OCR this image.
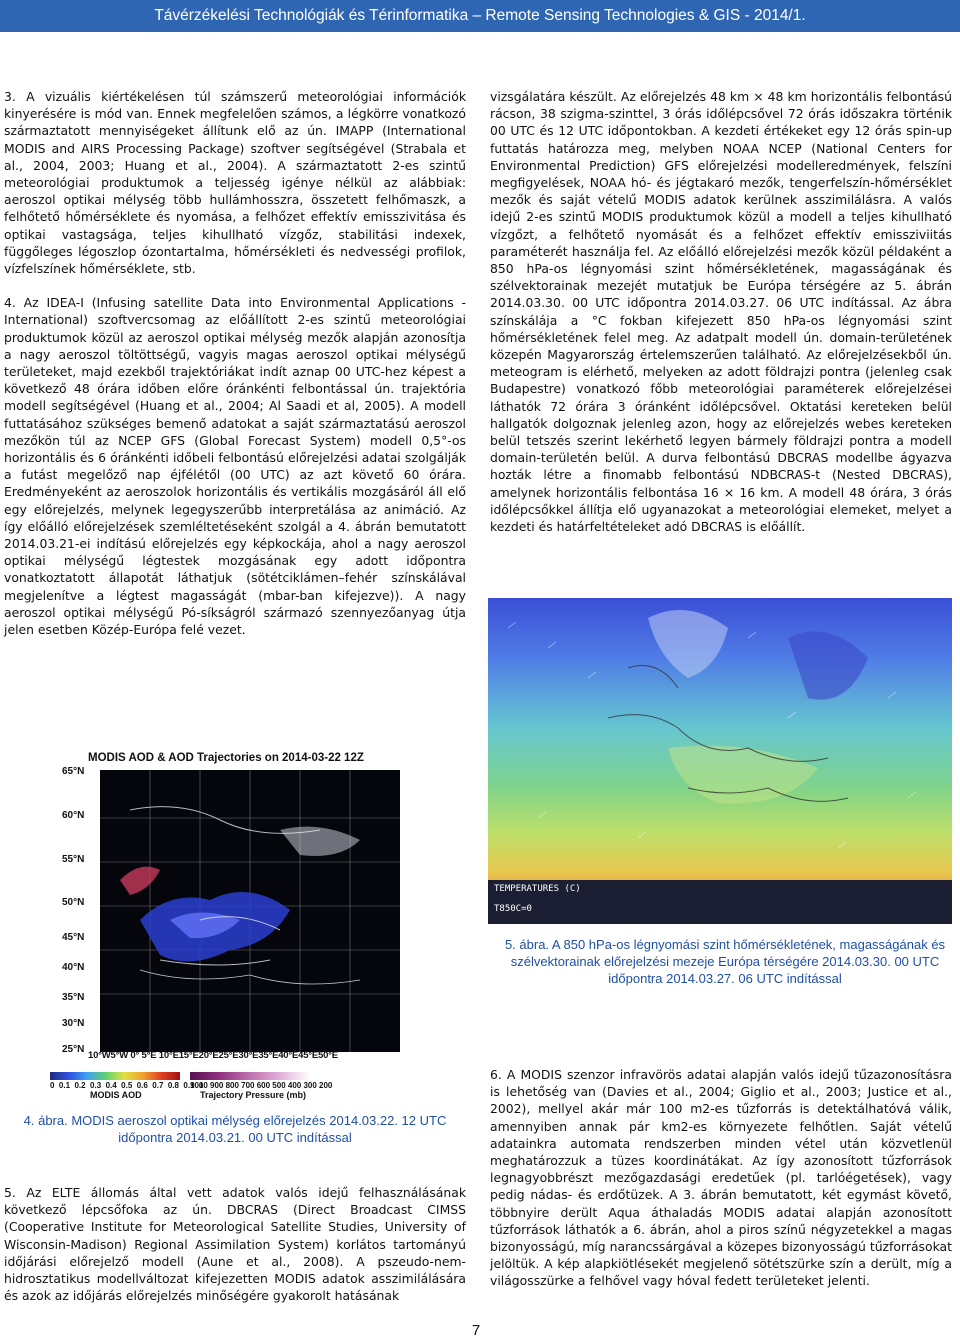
Távérzékelési Technológiák és Térinformatika – Remote Sensing Technologies & GIS - 2014/1.

3. A vizuális kiértékelésen túl számszerű meteorológiai információk kinyerésére is mód van. Ennek megfelelően számos, a légkörre vonatkozó származtatott mennyiségeket állítunk elő az ún. IMAPP (International MODIS and AIRS Processing Package) szoftver segítségével (Strabala et al., 2004, 2003; Huang et al., 2004). A származtatott 2-es szintű meteorológiai produktumok a teljesség igénye nélkül az alábbiak: aeroszol optikai mélység több hullámhosszra, összetett felhőmaszk, a felhőtető hőmérséklete és nyomása, a felhőzet effektív emisszivitása és optikai vastagsága, teljes kihullható vízgőz, stabilitási indexek, függőleges légoszlop ózontartalma, hőmérsékleti és nedvességi profilok, vízfelszínek hőmérséklete, stb.

4. Az IDEA-I (Infusing satellite Data into Environmental Applications - International) szoftvercsomag az előállított 2-es szintű meteorológiai produktumok közül az aeroszol optikai mélység mezők alapján azonosítja a nagy aeroszol töltöttségű, vagyis magas aeroszol optikai mélységű területeket, majd ezekből trajektóriákat indít aznap 00 UTC-hez képest a következő 48 órára időben előre óránkénti felbontással ún. trajektória modell segítségével (Huang et al., 2004; Al Saadi et al, 2005). A modell futtatásához szükséges bemenő adatokat a saját származtatású aeroszol mezőkön túl az NCEP GFS (Global Forecast System) modell 0,5°-os horizontális és 6 óránkénti időbeli felbontású előrejelzési adatai szolgálják a futást megelőző nap éjfélétől (00 UTC) az azt követő 60 órára. Eredményeként az aeroszolok horizontális és vertikális mozgásáról áll elő egy előrejelzés, melynek legegyszerűbb interpretálása az animáció. Az így előálló előrejelzések szemléltetéseként szolgál a 4. ábrán bemutatott 2014.03.21-ei indítású előrejelzés egy képkockája, ahol a nagy aeroszol optikai mélységű légtestek mozgásának egy adott időpontra vonatkoztatott állapotát láthatjuk (sötétciklámen–fehér színskálával megjelenítve a légtest magasságát (mbar-ban kifejezve)). A nagy aeroszol optikai mélységű Pó-síkságról származó szennyezőanyag útja jelen esetben Közép-Európa felé vezet.

vizsgálatára készült. Az előrejelzés 48 km × 48 km horizontális felbontású rácson, 38 szigma-szinttel, 3 órás időlépcsővel 72 órás időszakra történik 00 UTC és 12 UTC időpontokban. A kezdeti értékeket egy 12 órás spin-up futtatás határozza meg, melyben NOAA NCEP (National Centers for Environmental Prediction) GFS előrejelzési modelleredmények, felszíni megfigyelések, NOAA hó- és jégtakaró mezők, tengerfelszín-hőmérséklet mezők és saját vételű MODIS adatok kerülnek asszimilálásra. A valós idejű 2-es szintű MODIS produktumok közül a modell a teljes kihullható vízgőzt, a felhőtető nyomását és a felhőzet effektív emissziviitás paraméterét használja fel. Az előálló előrejelzési mezők közül példaként a 850 hPa-os légnyomási szint hőmérsékletének, magasságának és szélvektorainak mezejét mutatjuk be Európa térségére az 5. ábrán 2014.03.30. 00 UTC időpontra 2014.03.27. 06 UTC indítással. Az ábra színskálája a °C fokban kifejezett 850 hPa-os légnyomási szint hőmérsékletének felel meg. Az adatpalt modell ún. domain-területének közepén Magyarország értelemszerűen található. Az előrejelzésekből ún. meteogram is elérhető, melyeken az adott földrajzi pontra (jelenleg csak Budapestre) vonatkozó főbb meteorológiai paraméterek előrejelzései láthatók 72 órára 3 óránként időlépcsővel. Oktatási kereteken belül hallgatók dolgoznak jelenleg azon, hogy az előrejelzés webes kereteken belül tetszés szerint lekérhető legyen bármely földrajzi pontra a modell domain-területén belül. A durva felbontású DBCRAS modellbe ágyazva hozták létre a finomabb felbontású NDBCRAS-t (Nested DBCRAS), amelynek horizontális felbontása 16 × 16 km. A modell 48 órára, 3 órás időlépcsőkkel állítja elő ugyanazokat a meteorológiai elemeket, melyet a kezdeti és határfeltételeket adó DBCRAS is előállít.

MODIS AOD & AOD Trajectories on 2014-03-22 12Z
65°N
60°N
55°N
50°N
45°N
40°N
35°N
30°N
25°N
10°W5°W 0° 5°E 10°E15°E20°E25°E30°E35°E40°E45°E50°E
0  0.1  0.2  0.3  0.4  0.5  0.6  0.7  0.8  0.9  1
MODIS AOD
1000 900 800 700 600 500 400 300 200
Trajectory Pressure (mb)
4. ábra. MODIS aeroszol optikai mélység előrejelzés 2014.03.22. 12 UTC időpontra 2014.03.21. 00 UTC indítással
TEMPERATURES (C)
T850C=0
5. ábra. A 850 hPa-os légnyomási szint hőmérsékletének, magasságának és szélvektorainak előrejelzési mezeje Európa térségére 2014.03.30. 00 UTC időpontra 2014.03.27. 06 UTC indítással

5. Az ELTE állomás által vett adatok valós idejű felhasználásának következő lépcsőfoka az ún. DBCRAS (Direct Broadcast CIMSS (Cooperative Institute for Meteorological Satellite Studies, University of Wisconsin-Madison) Regional Assimilation System) korlátos tartományú időjárási előrejelző modell (Aune et al., 2008). A pszeudo-nem-hidrosztatikus modellváltozat kifejezetten MODIS adatok asszimilálására és azok az időjárás előrejelzés minőségére gyakorolt hatásának

6. A MODIS szenzor infravörös adatai alapján valós idejű tűzazonosításra is lehetőség van (Davies et al., 2004; Giglio et al., 2003; Justice et al., 2002), mellyel akár már 100 m2-es tűzforrás is detektálhatóvá válik, amennyiben annak pár km2-es környezete felhőtlen. Saját vételű adatainkra automata rendszerben minden vétel után közvetlenül meghatározzuk a tüzes koordinátákat. Az így azonosított tűzforrások legnagyobbrészt mezőgazdasági eredetűek (pl. tarlóégetések), vagy pedig nádas- és erdőtüzek. A 3. ábrán bemutatott, két egymást követő, többnyire derült Aqua áthaladás MODIS adatai alapján azonosított tűzforrások láthatók a 6. ábrán, ahol a piros színű négyzetekkel a magas bizonyosságú, míg narancssárgával a közepes bizonyosságú tűzforrásokat jelöltük. A kép alapkiötlésekét megjelenő sötétszürke szín a derült, míg a világosszürke a felhővel vagy hóval fedett területeket jelenti.

7
